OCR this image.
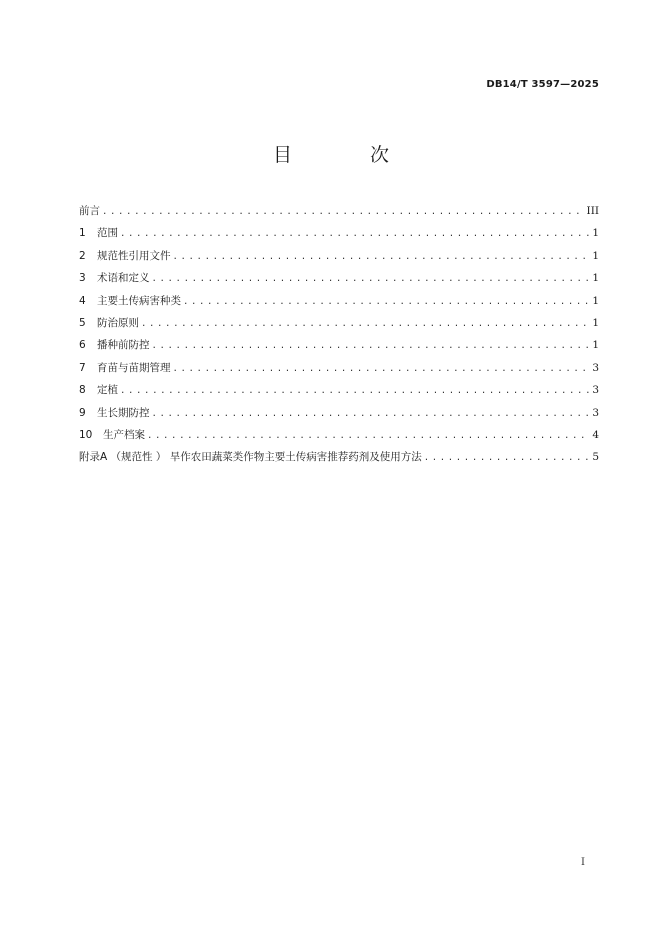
DB14/T 3597—2025
目 次
前言 .....	III
1	范围 .....	1
2	规范性引用文件 .....	1
3	术语和定义 .....	1
4	主要土传病害种类 .....	1
5	防治原则 .....	1
6	播种前防控 .....	1
7	育苗与苗期管理 .....	3
8	定植 .....	3
9	生长期防控 .....	3
10	生产档案 .....	4
附录A （规范性 ） 旱作农田蔬菜类作物主要土传病害推荐药剂及使用方法 .....	5
I
